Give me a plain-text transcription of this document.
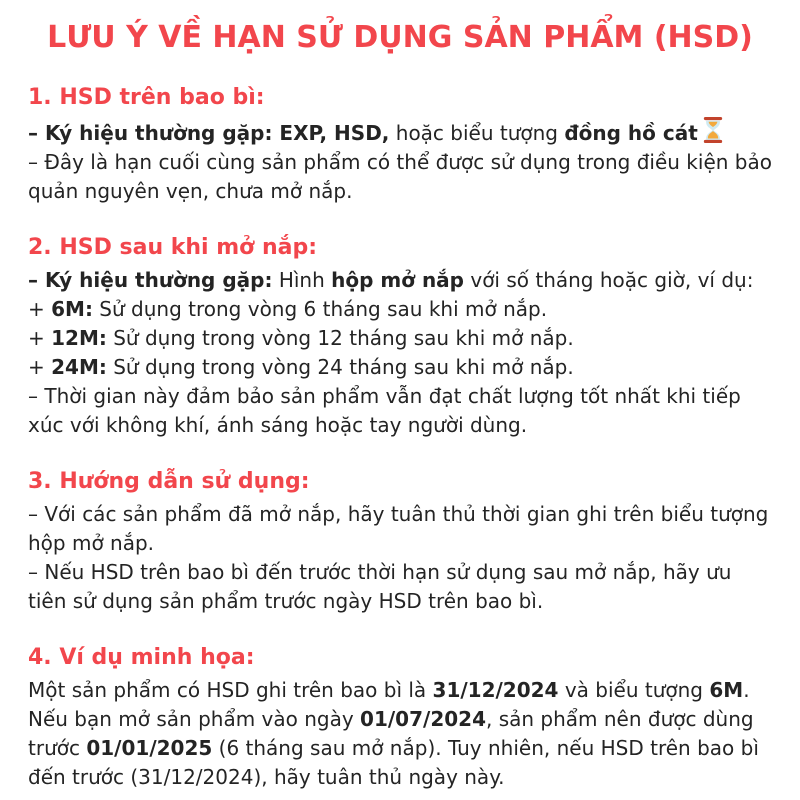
LƯU Ý VỀ HẠN SỬ DỤNG SẢN PHẨM (HSD)
1. HSD trên bao bì:

– Ký hiệu thường gặp: EXP, HSD, hoặc biểu tượng đồng hồ cát

– Đây là hạn cuối cùng sản phẩm có thể được sử dụng trong điều kiện bảo quản nguyên vẹn, chưa mở nắp.

2. HSD sau khi mở nắp:

– Ký hiệu thường gặp: Hình hộp mở nắp với số tháng hoặc giờ, ví dụ:

+ 6M: Sử dụng trong vòng 6 tháng sau khi mở nắp.

+ 12M: Sử dụng trong vòng 12 tháng sau khi mở nắp.

+ 24M: Sử dụng trong vòng 24 tháng sau khi mở nắp.

– Thời gian này đảm bảo sản phẩm vẫn đạt chất lượng tốt nhất khi tiếp xúc với không khí, ánh sáng hoặc tay người dùng.

3. Hướng dẫn sử dụng:

– Với các sản phẩm đã mở nắp, hãy tuân thủ thời gian ghi trên biểu tượng hộp mở nắp.

– Nếu HSD trên bao bì đến trước thời hạn sử dụng sau mở nắp, hãy ưu tiên sử dụng sản phẩm trước ngày HSD trên bao bì.

4. Ví dụ minh họa:

Một sản phẩm có HSD ghi trên bao bì là 31/12/2024 và biểu tượng 6M. Nếu bạn mở sản phẩm vào ngày 01/07/2024, sản phẩm nên được dùng trước 01/01/2025 (6 tháng sau mở nắp). Tuy nhiên, nếu HSD trên bao bì đến trước (31/12/2024), hãy tuân thủ ngày này.
